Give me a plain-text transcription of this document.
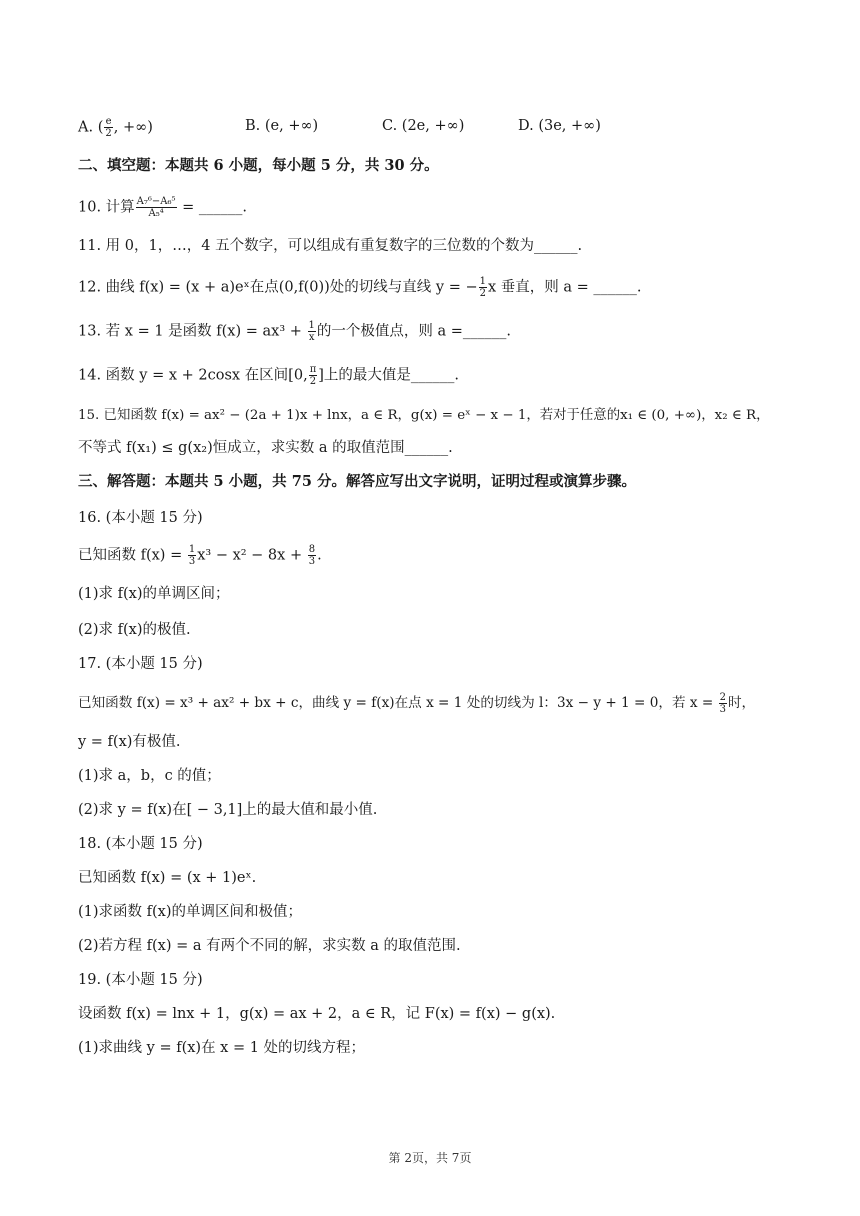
A. ( $\frac{e}{2}$ , +∞)	B. (e, +∞)	C. (2e, +∞)	D. (3e, +∞)
二、填空题：本题共 6 小题，每小题 5 分，共 30 分。
10. 计算 $\frac{\text{A₇⁶−A₆⁵}}{\text{A₅⁴}}$ = ______.
11. 用 0，1，…，4 五个数字，可以组成有重复数字的三位数的个数为______.
12. 曲线 f(x) = (x + a)eˣ在点(0,f(0))处的切线与直线 y = − $\frac{1}{2}$ x 垂直，则 a = ______.
13. 若 x = 1 是函数 $f(x) = ax^3 + \frac{1}{x}$ 的一个极值点，则 a =______.
14. 函数 y = x + 2cosx 在区间[0, $\frac{\pi}{2}$ ]上的最大值是______.
15. 已知函数 f(x) = ax² − (2a + 1)x + lnx，a ∈ R，g(x) = eˣ − x − 1，若对于任意的x₁ ∈ (0, +∞)，x₂ ∈ R，
不等式 f(x₁) ≤ g(x₂)恒成立，求实数 a 的取值范围______.
三、解答题：本题共 5 小题，共 75 分。解答应写出文字说明，证明过程或演算步骤。
16. (本小题 15 分)
已知函数 $f(x) = \frac{1}{3} x^3 - x^2 - 8x + \frac{8}{3}$ .
(1)求 f(x)的单调区间；
(2)求 f(x)的极值.
17. (本小题 15 分)
已知函数 f(x) = x³ + ax² + bx + c，曲线 y = f(x)在点 x = 1 处的切线为 l：3x − y + 1 = 0，若 $x = \frac{2}{3}$ 时，
y = f(x)有极值.
(1)求 a，b，c 的值；
(2)求 y = f(x)在[ − 3,1]上的最大值和最小值.
18. (本小题 15 分)
已知函数 f(x) = (x + 1)eˣ.
(1)求函数 f(x)的单调区间和极值；
(2)若方程 f(x) = a 有两个不同的解，求实数 a 的取值范围.
19. (本小题 15 分)
设函数 f(x) = lnx + 1，g(x) = ax + 2，a ∈ R，记 F(x) = f(x) − g(x).
(1)求曲线 y = f(x)在 x = 1 处的切线方程；
第 2页，共 7页
